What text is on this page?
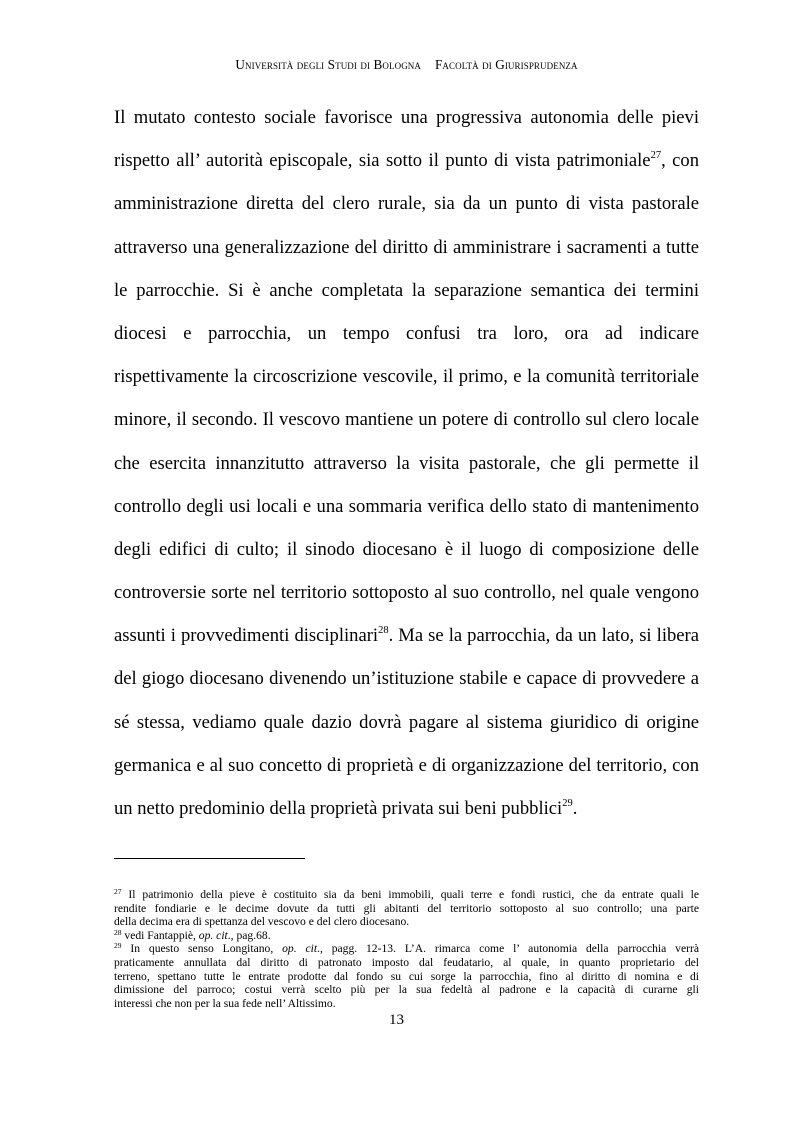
Università degli Studi di Bologna Facoltà di Giurisprudenza
Il mutato contesto sociale favorisce una progressiva autonomia delle pievi
rispetto all’ autorità episcopale, sia sotto il punto di vista patrimoniale$^{27}$, con
amministrazione diretta del clero rurale, sia da un punto di vista pastorale
attraverso una generalizzazione del diritto di amministrare i sacramenti a tutte
le parrocchie. Si è anche completata la separazione semantica dei termini
diocesi e parrocchia, un tempo confusi tra loro, ora ad indicare
rispettivamente la circoscrizione vescovile, il primo, e la comunità territoriale
minore, il secondo. Il vescovo mantiene un potere di controllo sul clero locale
che esercita innanzitutto attraverso la visita pastorale, che gli permette il
controllo degli usi locali e una sommaria verifica dello stato di mantenimento
degli edifici di culto; il sinodo diocesano è il luogo di composizione delle
controversie sorte nel territorio sottoposto al suo controllo, nel quale vengono
assunti i provvedimenti disciplinari$^{28}$. Ma se la parrocchia, da un lato, si libera
del giogo diocesano divenendo un’istituzione stabile e capace di provvedere a
sé stessa, vediamo quale dazio dovrà pagare al sistema giuridico di origine
germanica e al suo concetto di proprietà e di organizzazione del territorio, con
un netto predominio della proprietà privata sui beni pubblici$^{29}$.
$^{27}$ Il patrimonio della pieve è costituito sia da beni immobili, quali terre e fondi rustici, che da entrate quali le
rendite fondiarie e le decime dovute da tutti gli abitanti del territorio sottoposto al suo controllo; una parte
della decima era di spettanza del vescovo e del clero diocesano.
$^{28}$ vedi Fantappiè, op. cit., pag.68.
$^{29}$ In questo senso Longitano, op. cit., pagg. 12-13. L’A. rimarca come l’ autonomia della parrocchia verrà
praticamente annullata dal diritto di patronato imposto dal feudatario, al quale, in quanto proprietario del
terreno, spettano tutte le entrate prodotte dal fondo su cui sorge la parrocchia, fino al diritto di nomina e di
dimissione del parroco; costui verrà scelto più per la sua fedeltà al padrone e la capacità di curarne gli
interessi che non per la sua fede nell’ Altissimo.
13
